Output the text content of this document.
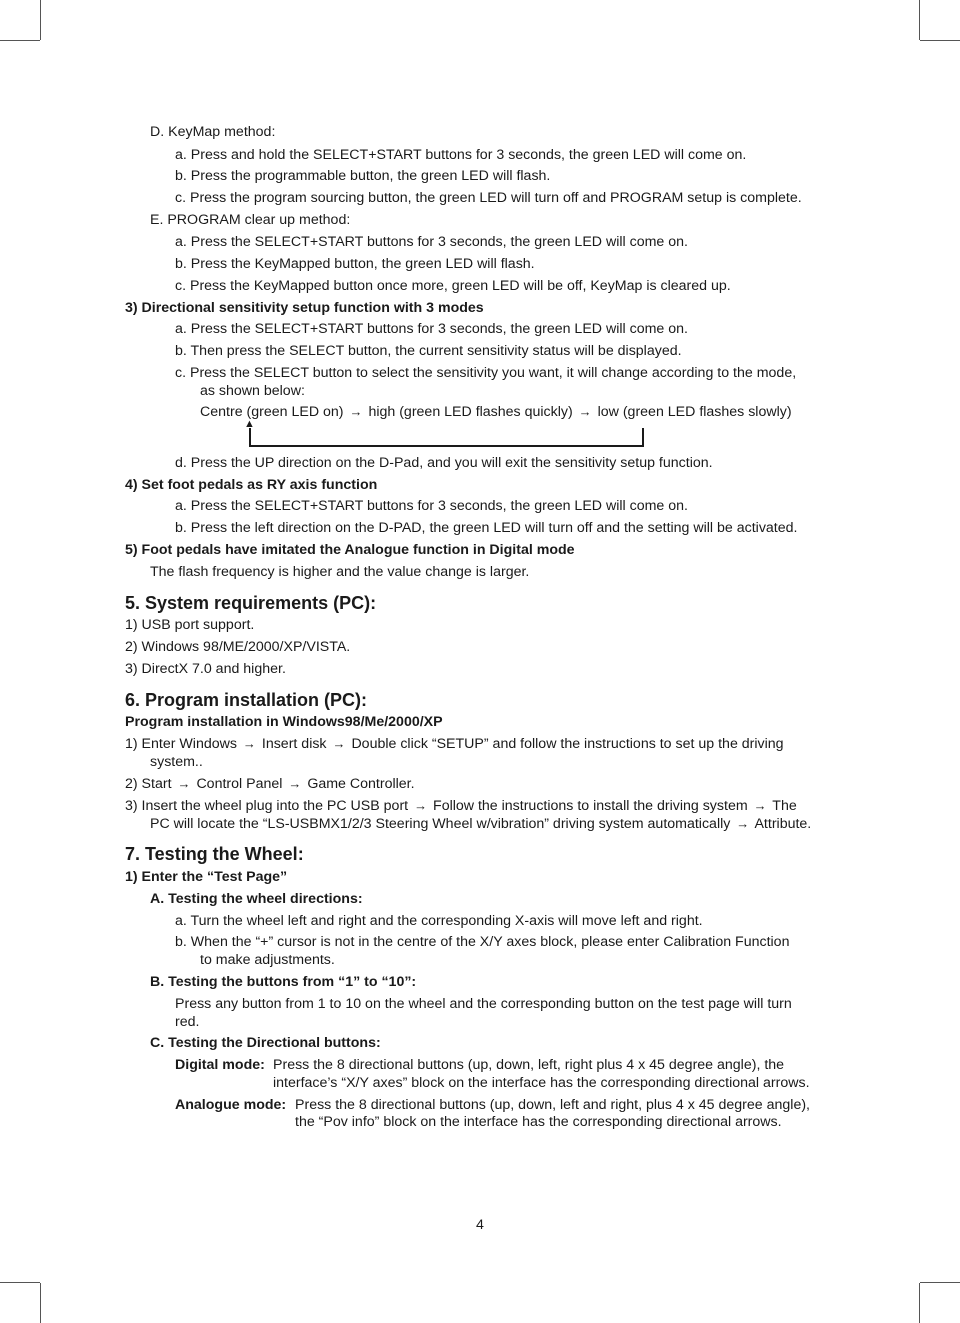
D. KeyMap method:
a. Press and hold the SELECT+START buttons for 3 seconds, the green LED will come on.
b. Press the programmable button, the green LED will flash.
c. Press the program sourcing button, the green LED will turn off and PROGRAM setup is complete.
E. PROGRAM clear up method:
a. Press the SELECT+START buttons for 3 seconds, the green LED will come on.
b. Press the KeyMapped button, the green LED will flash.
c. Press the KeyMapped button once more, green LED will be off, KeyMap is cleared up.
3) Directional sensitivity setup function with 3 modes
a. Press the SELECT+START buttons for 3 seconds, the green LED will come on.
b. Then press the SELECT button, the current sensitivity status will be displayed.
c. Press the SELECT button to select the sensitivity you want, it will change according to the mode,
as shown below:
Centre (green LED on) → high (green LED flashes quickly) → low (green LED flashes slowly)
▲
d. Press the UP direction on the D-Pad, and you will exit the sensitivity setup function.
4) Set foot pedals as RY axis function
a. Press the SELECT+START buttons for 3 seconds, the green LED will come on.
b. Press the left direction on the D-PAD, the green LED will turn off and the setting will be activated.
5) Foot pedals have imitated the Analogue function in Digital mode
The flash frequency is higher and the value change is larger.
5. System requirements (PC):
1) USB port support.
2) Windows 98/ME/2000/XP/VISTA.
3) DirectX 7.0 and higher.
6. Program installation (PC):
Program installation in Windows98/Me/2000/XP
1) Enter Windows → Insert disk → Double click “SETUP” and follow the instructions to set up the driving
system..
2) Start → Control Panel → Game Controller.
3) Insert the wheel plug into the PC USB port → Follow the instructions to install the driving system → The
PC will locate the “LS-USBMX1/2/3 Steering Wheel w/vibration” driving system automatically → Attribute.
7. Testing the Wheel:
1) Enter the “Test Page”
A. Testing the wheel directions:
a. Turn the wheel left and right and the corresponding X-axis will move left and right.
b. When the “+” cursor is not in the centre of the X/Y axes block, please enter Calibration Function
to make adjustments.
B. Testing the buttons from “1” to “10”:
Press any button from 1 to 10 on the wheel and the corresponding button on the test page will turn
red.
C. Testing the Directional buttons:
Digital mode: Press the 8 directional buttons (up, down, left, right plus 4 x 45 degree angle), the
interface’s “X/Y axes” block on the interface has the corresponding directional arrows.
Analogue mode: Press the 8 directional buttons (up, down, left and right, plus 4 x 45 degree angle),
the “Pov info” block on the interface has the corresponding directional arrows.
4
